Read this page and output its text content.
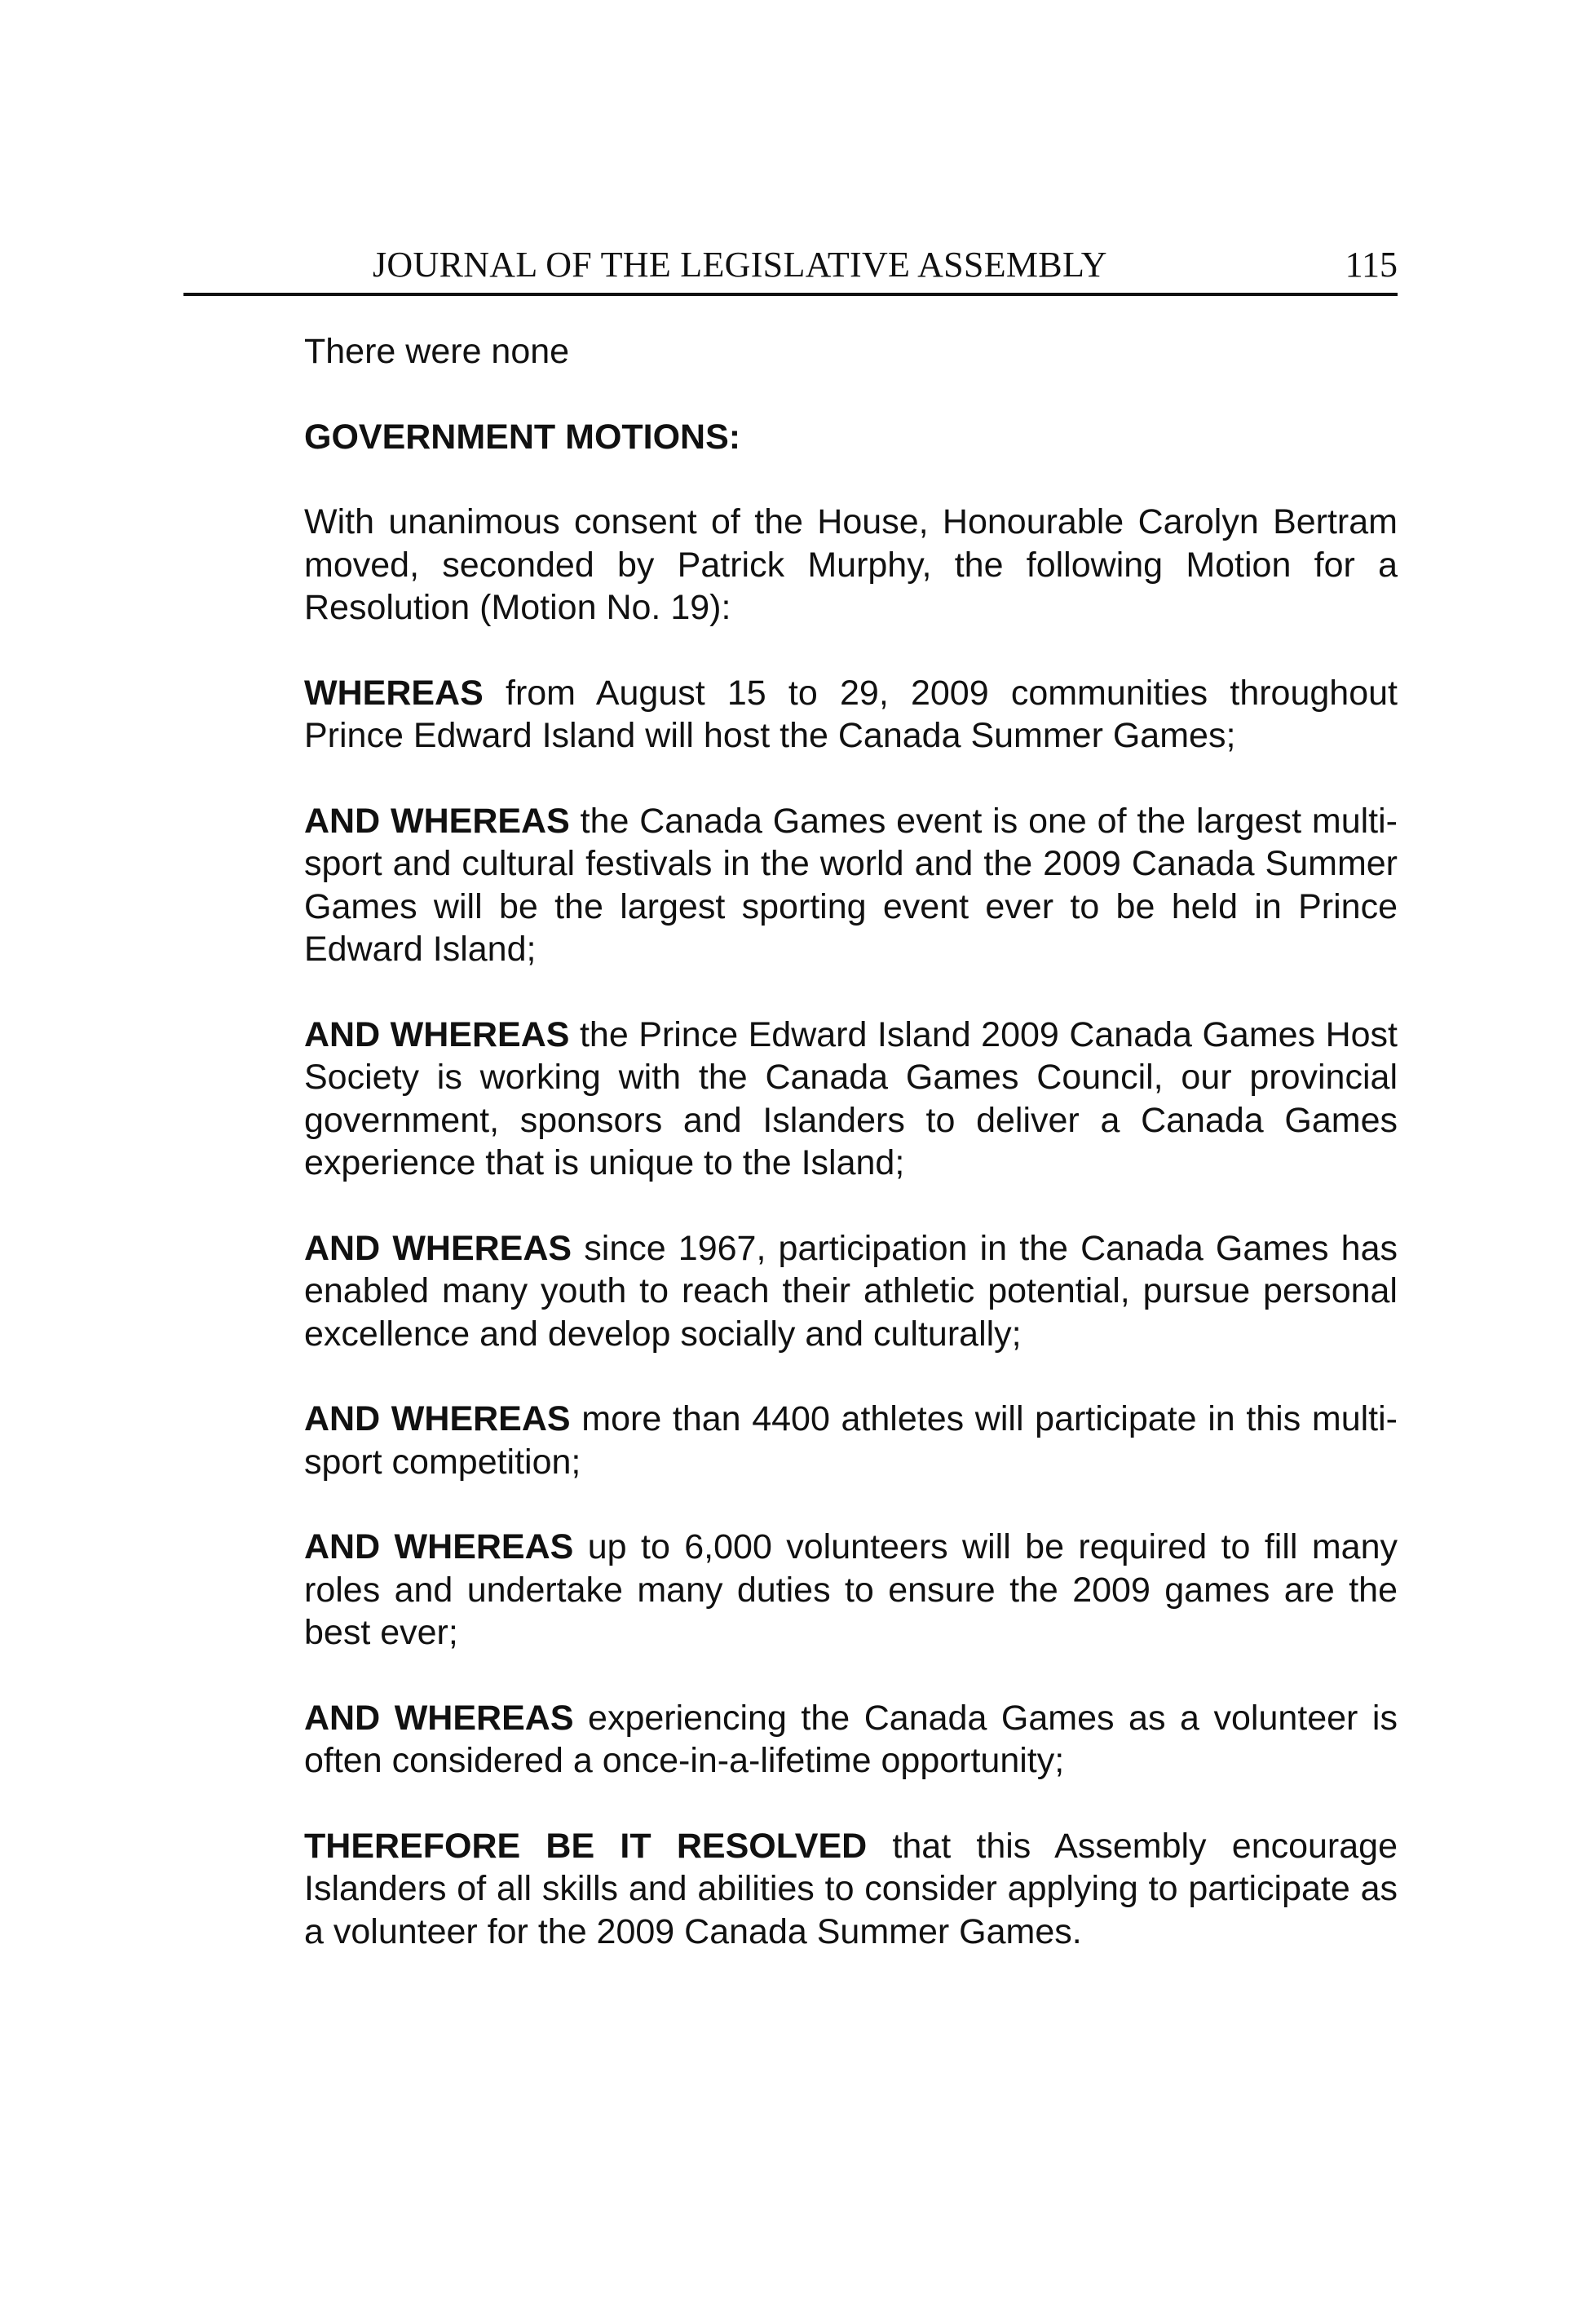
JOURNAL OF THE LEGISLATIVE ASSEMBLY	115

There were none

GOVERNMENT MOTIONS:

With unanimous consent of the House, Honourable Carolyn Bertram moved, seconded by Patrick Murphy, the following Motion for a Resolution (Motion No. 19):

WHEREAS from August 15 to 29, 2009 communities throughout Prince Edward Island will host the Canada Summer Games;

AND WHEREAS the Canada Games event is one of the largest multi-sport and cultural festivals in the world and the 2009 Canada Summer Games will be the largest sporting event ever to be held in Prince Edward Island;

AND WHEREAS the Prince Edward Island 2009 Canada Games Host Society is working with the Canada Games Council, our provincial government, sponsors and Islanders to deliver a Canada Games experience that is unique to the Island;

AND WHEREAS since 1967, participation in the Canada Games has enabled many youth to reach their athletic potential, pursue personal excellence and develop socially and culturally;

AND WHEREAS more than 4400 athletes will participate in this multi-sport competition;

AND WHEREAS up to 6,000 volunteers will be required to fill many roles and undertake many duties to ensure the 2009 games are the best ever;

AND WHEREAS experiencing the Canada Games as a volunteer is often considered a once-in-a-lifetime opportunity;

THEREFORE BE IT RESOLVED that this Assembly encourage Islanders of all skills and abilities to consider applying to participate as a volunteer for the 2009 Canada Summer Games.
